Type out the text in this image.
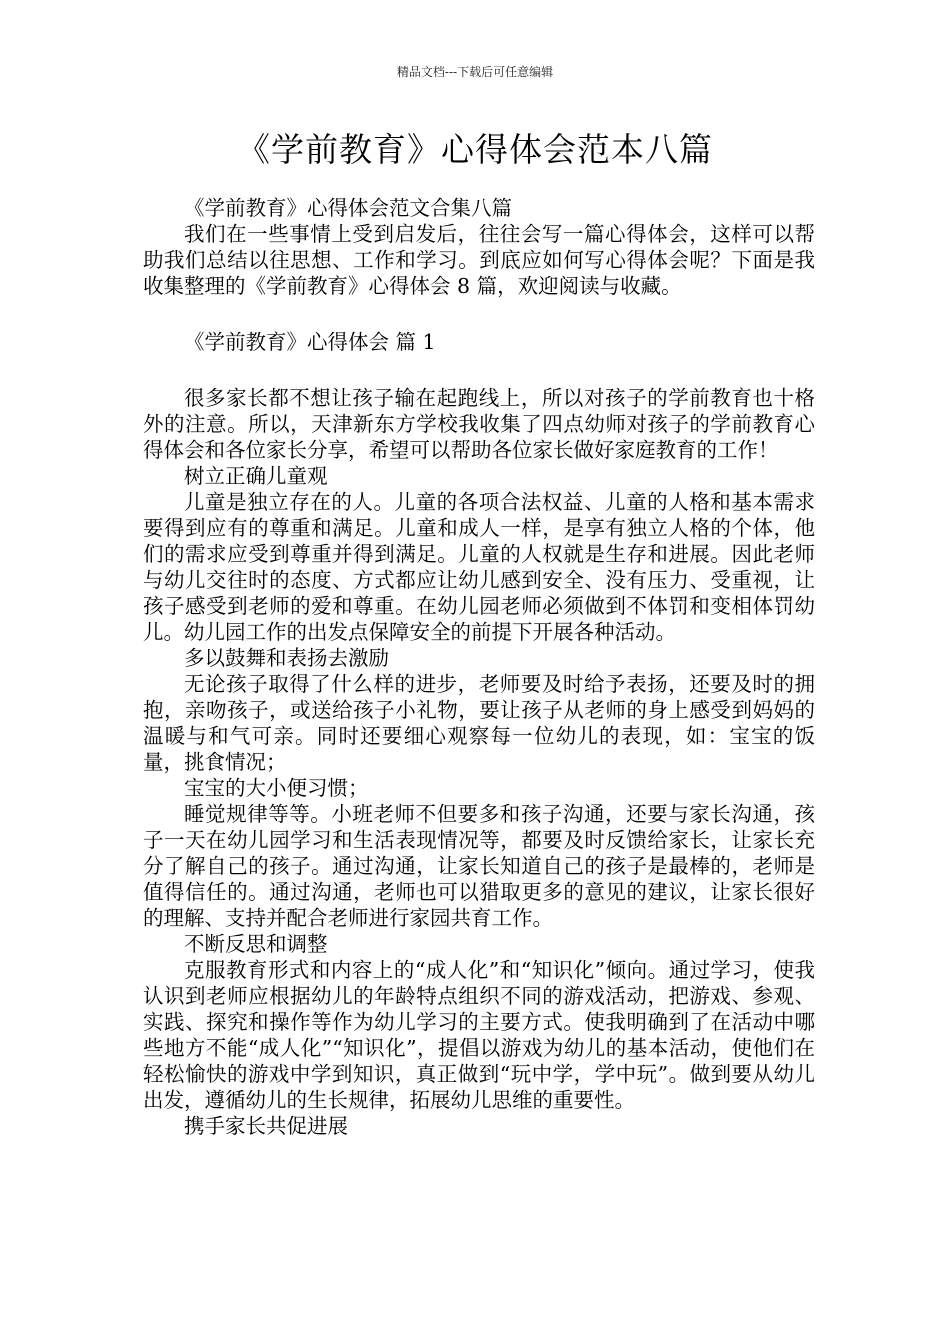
精品文档---下载后可任意编辑
《学前教育》心得体会范本八篇

《学前教育》心得体会范文合集八篇

我们在一些事情上受到启发后，往往会写一篇心得体会，这样可以帮助我们总结以往思想、工作和学习。到底应如何写心得体会呢？下面是我收集整理的《学前教育》心得体会 8 篇，欢迎阅读与收藏。

《学前教育》心得体会 篇 1

很多家长都不想让孩子输在起跑线上，所以对孩子的学前教育也十格外的注意。所以，天津新东方学校我收集了四点幼师对孩子的学前教育心得体会和各位家长分享，希望可以帮助各位家长做好家庭教育的工作！

树立正确儿童观

儿童是独立存在的人。儿童的各项合法权益、儿童的人格和基本需求要得到应有的尊重和满足。儿童和成人一样，是享有独立人格的个体，他们的需求应受到尊重并得到满足。儿童的人权就是生存和进展。因此老师与幼儿交往时的态度、方式都应让幼儿感到安全、没有压力、受重视，让孩子感受到老师的爱和尊重。在幼儿园老师必须做到不体罚和变相体罚幼儿。幼儿园工作的出发点保障安全的前提下开展各种活动。

多以鼓舞和表扬去激励

无论孩子取得了什么样的进步，老师要及时给予表扬，还要及时的拥抱，亲吻孩子，或送给孩子小礼物，要让孩子从老师的身上感受到妈妈的温暖与和气可亲。同时还要细心观察每一位幼儿的表现，如：宝宝的饭量，挑食情况；

宝宝的大小便习惯；

睡觉规律等等。小班老师不但要多和孩子沟通，还要与家长沟通，孩子一天在幼儿园学习和生活表现情况等，都要及时反馈给家长，让家长充分了解自己的孩子。通过沟通，让家长知道自己的孩子是最棒的，老师是值得信任的。通过沟通，老师也可以猎取更多的意见的建议，让家长很好的理解、支持并配合老师进行家园共育工作。

不断反思和调整

克服教育形式和内容上的“成人化”和“知识化”倾向。通过学习，使我认识到老师应根据幼儿的年龄特点组织不同的游戏活动，把游戏、参观、实践、探究和操作等作为幼儿学习的主要方式。使我明确到了在活动中哪些地方不能“成人化”“知识化”，提倡以游戏为幼儿的基本活动，使他们在轻松愉快的游戏中学到知识，真正做到“玩中学，学中玩”。做到要从幼儿出发，遵循幼儿的生长规律，拓展幼儿思维的重要性。

携手家长共促进展
